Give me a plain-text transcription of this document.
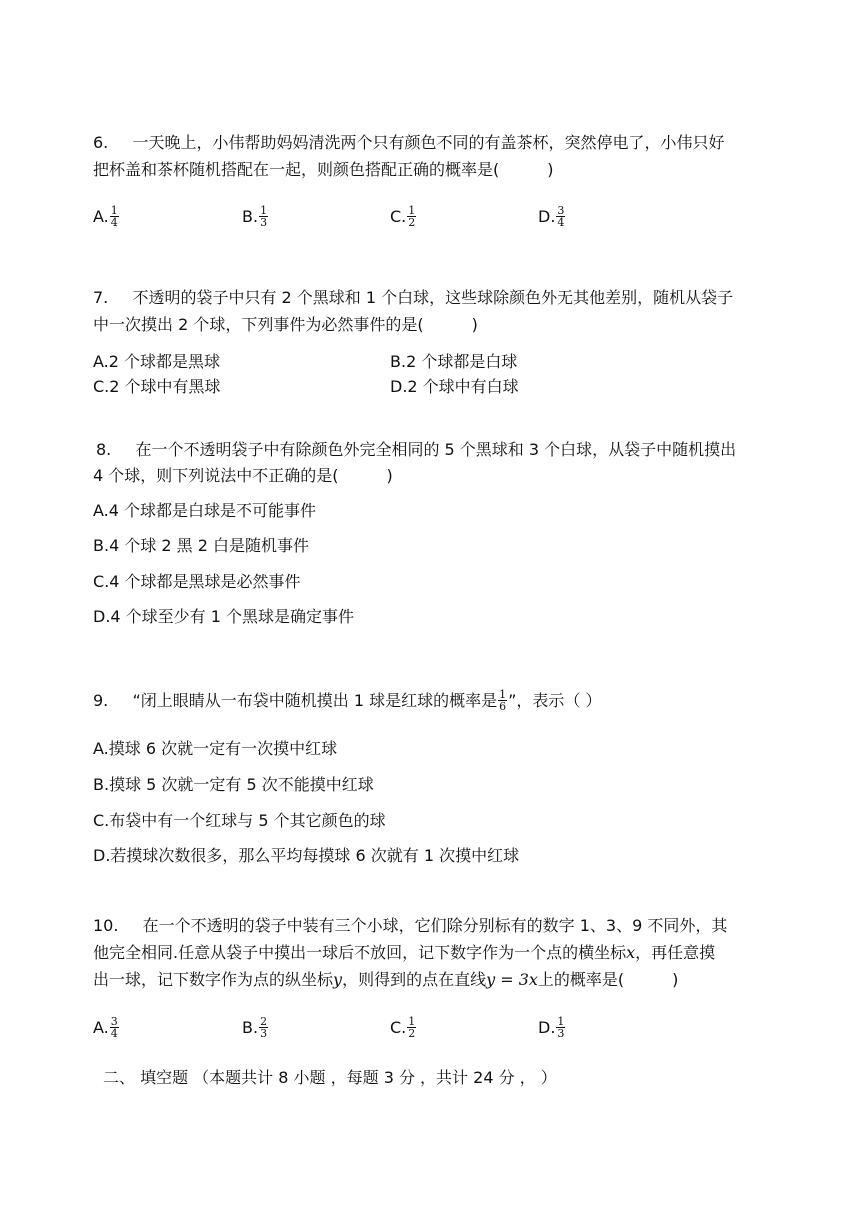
6. 一天晚上，小伟帮助妈妈清洗两个只有颜色不同的有盖茶杯，突然停电了，小伟只好
把杯盖和茶杯随机搭配在一起，则颜色搭配正确的概率是(　　　)
A. $\frac{1}{4}$	B. $\frac{1}{3}$	C. $\frac{1}{2}$	D. $\frac{3}{4}$
7. 不透明的袋子中只有 2 个黑球和 1 个白球，这些球除颜色外无其他差别，随机从袋子
中一次摸出 2 个球，下列事件为必然事件的是(　　　)
A.2 个球都是黑球	B.2 个球都是白球
C.2 个球中有黑球	D.2 个球中有白球
8. 在一个不透明袋子中有除颜色外完全相同的 5 个黑球和 3 个白球，从袋子中随机摸出
4 个球，则下列说法中不正确的是(　　　)
A.4 个球都是白球是不可能事件
B.4 个球 2 黑 2 白是随机事件
C.4 个球都是黑球是必然事件
D.4 个球至少有 1 个黑球是确定事件
9. “闭上眼睛从一布袋中随机摸出 1 球是红球的概率是 $\frac{1}{6}$ ”，表示（ ）
A.摸球 6 次就一定有一次摸中红球
B.摸球 5 次就一定有 5 次不能摸中红球
C.布袋中有一个红球与 5 个其它颜色的球
D.若摸球次数很多，那么平均每摸球 6 次就有 1 次摸中红球
10. 在一个不透明的袋子中装有三个小球，它们除分别标有的数字 1、3、9 不同外，其
他完全相同.任意从袋子中摸出一球后不放回，记下数字作为一个点的横坐标x，再任意摸
出一球，记下数字作为点的纵坐标y，则得到的点在直线y = 3x上的概率是(　　　)
A. $\frac{3}{4}$	B. $\frac{2}{3}$	C. $\frac{1}{2}$	D. $\frac{1}{3}$
二、 填空题 （本题共计 8 小题 ，每题 3 分 ，共计 24 分 ， ）
